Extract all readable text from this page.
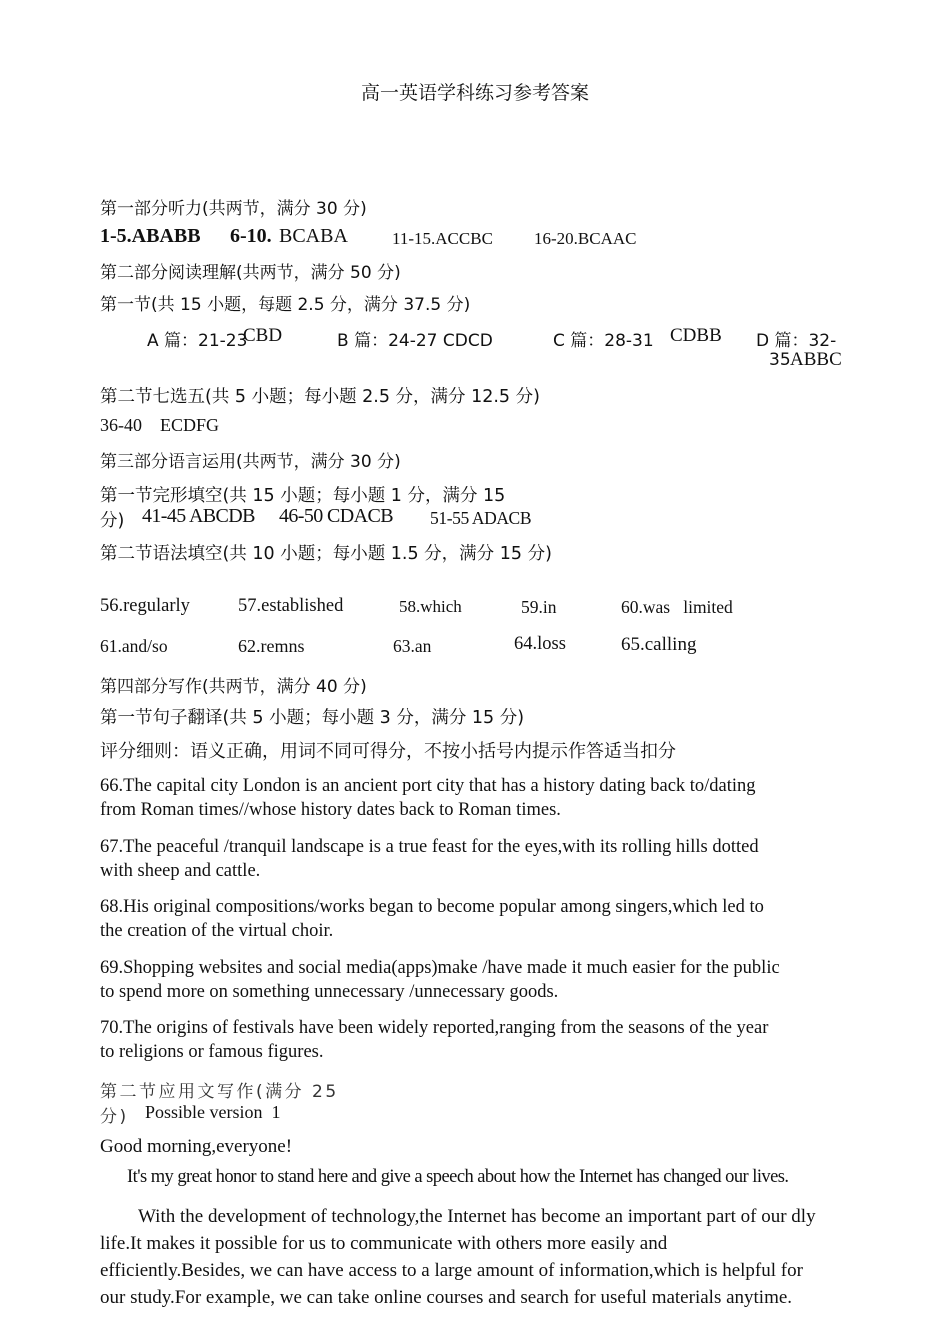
高一英语学科练习参考答案
第一部分听力(共两节，满分 30 分)
1-5.ABABB 6-10. BCABA	11-15.ACCBC 16-20.BCAAC
第二部分阅读理解(共两节，满分 50 分)
第一节(共 15 小题，每题 2.5 分，满分 37.5 分)
A 篇：21-23
CBD	B 篇：24-27 CDCD	C 篇：28-31 CDBB D 篇：32-
35 ABBC
第二节七选五(共 5 小题；每小题 2.5 分，满分 12.5 分)
36-40    ECDFG
第三部分语言运用(共两节，满分 30 分)
第一节完形填空(共 15 小题；每小题 1 分，满分 15
分) 41-45 ABCDB 46-50 CDACB 51-55 ADACB
第二节语法填空(共 10 小题；每小题 1.5 分，满分 15 分)
56.regularly	57.established	58.which	59.in	60.was   limited
61.and/so	62.remns	63.an	64.loss	65.calling
第四部分写作(共两节，满分 40 分)
第一节句子翻译(共 5 小题；每小题 3 分，满分 15 分)
评分细则：语义正确，用词不同可得分，不按小括号内提示作答适当扣分
66.The capital city London is an ancient port city that has a history dating back to/dating
from Roman times//whose history dates back to Roman times.
67.The peaceful /tranquil landscape is a true feast for the eyes,with its rolling hills dotted
with sheep and cattle.
68.His original compositions/works began to become popular among singers,which led to
the creation of the virtual choir.
69.Shopping websites and social media(apps)make /have made it much easier for the public
to spend more on something unnecessary /unnecessary goods.
70.The origins of festivals have been widely reported,ranging from the seasons of the year
to religions or famous figures.
第二节应用文写作(满分 25
分) Possible version  1
Good morning,everyone!
It's my great honor to stand here and give a speech about how the Internet has changed our lives.
With the development of technology,the Internet has become an important part of our dly
life.It makes it possible for us to communicate with others more easily and
efficiently.Besides, we can have access to a large amount of information,which is helpful for
our study.For example, we can take online courses and search for useful materials anytime.
